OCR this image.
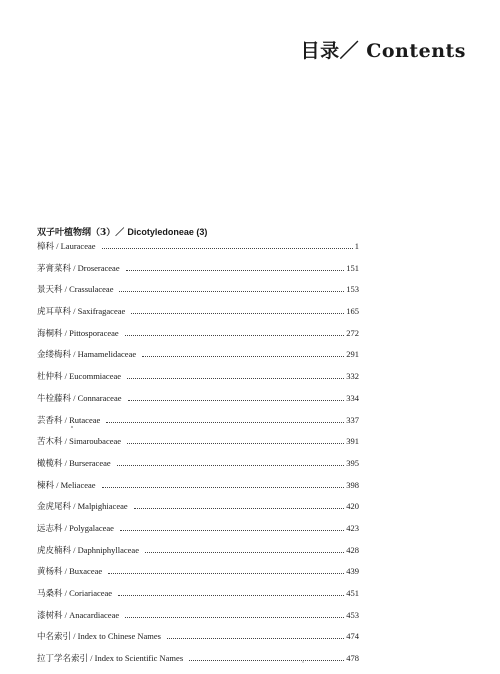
目录／ Contents
双子叶植物纲（3）／ Dicotyledoneae (3)
樟科 / Lauraceae	1
茅膏菜科 / Droseraceae	151
景天科 / Crassulaceae	153
虎耳草科 / Saxifragaceae	165
海桐科 / Pittosporaceae	272
金缕梅科 / Hamamelidaceae	291
杜仲科 / Eucommiaceae	332
牛栓藤科 / Connaraceae	334
芸香科 / Rutaceae	337
苦木科 / Simaroubaceae	391
橄榄科 / Burseraceae	395
楝科 / Meliaceae	398
金虎尾科 / Malpighiaceae	420
远志科 / Polygalaceae	423
虎皮楠科 / Daphniphyllaceae	428
黄杨科 / Buxaceae	439
马桑科 / Coriariaceae	451
漆树科 / Anacardiaceae	453
中名索引 / Index to Chinese Names	474
拉丁学名索引 / Index to Scientific Names	478
